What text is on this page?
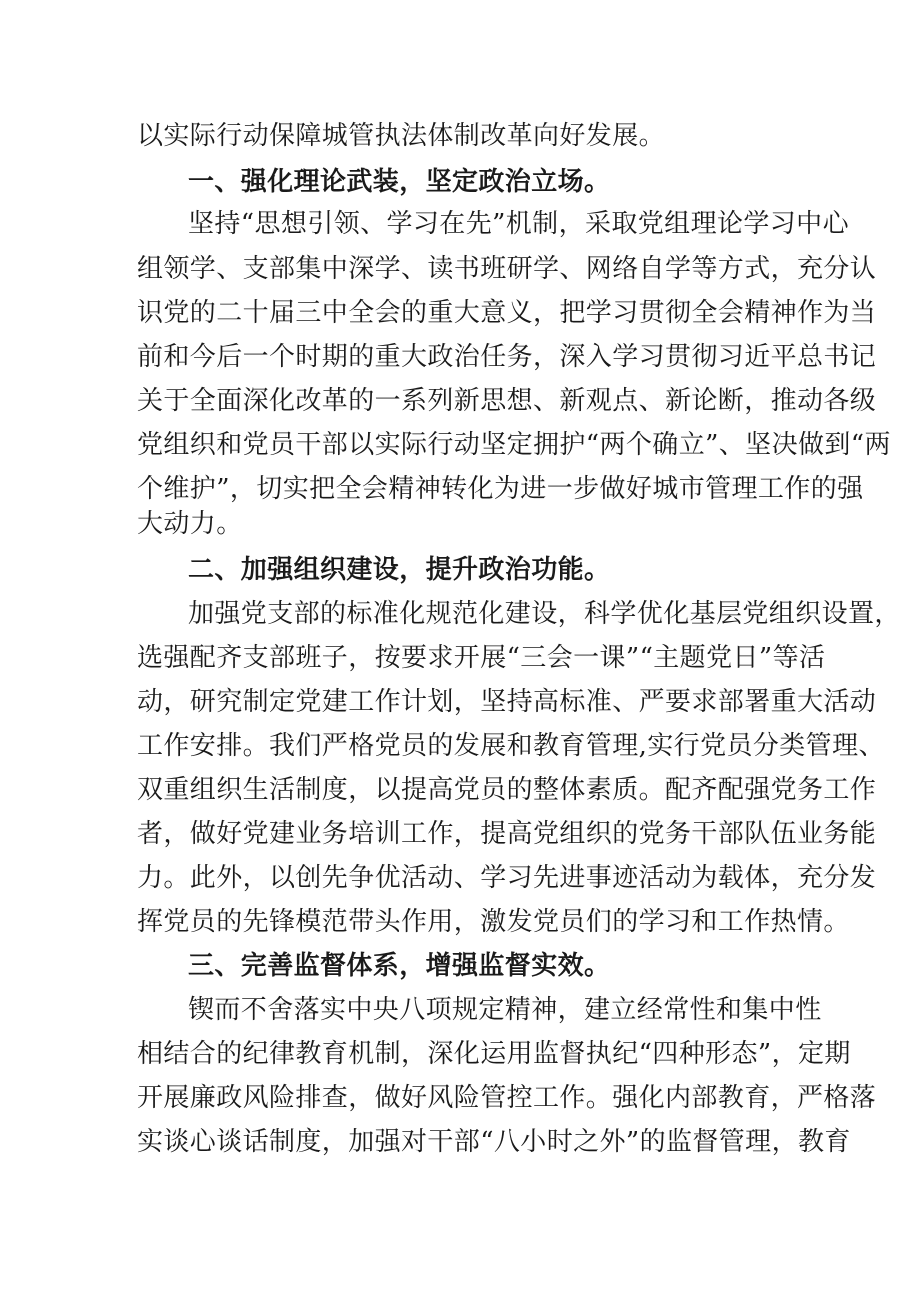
以实际行动保障城管执法体制改革向好发展。
一、强化理论武装，坚定政治立场。
坚持“思想引领、学习在先”机制，采取党组理论学习中心
组领学、支部集中深学、读书班研学、网络自学等方式，充分认
识党的二十届三中全会的重大意义，把学习贯彻全会精神作为当
前和今后一个时期的重大政治任务，深入学习贯彻习近平总书记
关于全面深化改革的一系列新思想、新观点、新论断，推动各级
党组织和党员干部以实际行动坚定拥护“两个确立”、坚决做到“两
个维护”，切实把全会精神转化为进一步做好城市管理工作的强
大动力。
二、加强组织建设，提升政治功能。
加强党支部的标准化规范化建设，科学优化基层党组织设置，
选强配齐支部班子，按要求开展“三会一课”“主题党日”等活
动，研究制定党建工作计划，坚持高标准、严要求部署重大活动
工作安排。我们严格党员的发展和教育管理,实行党员分类管理、
双重组织生活制度，以提高党员的整体素质。配齐配强党务工作
者，做好党建业务培训工作，提高党组织的党务干部队伍业务能
力。此外，以创先争优活动、学习先进事迹活动为载体，充分发
挥党员的先锋模范带头作用，激发党员们的学习和工作热情。
三、完善监督体系，增强监督实效。
锲而不舍落实中央八项规定精神，建立经常性和集中性
相结合的纪律教育机制，深化运用监督执纪“四种形态”，定期
开展廉政风险排查，做好风险管控工作。强化内部教育，严格落
实谈心谈话制度，加强对干部“八小时之外”的监督管理，教育
